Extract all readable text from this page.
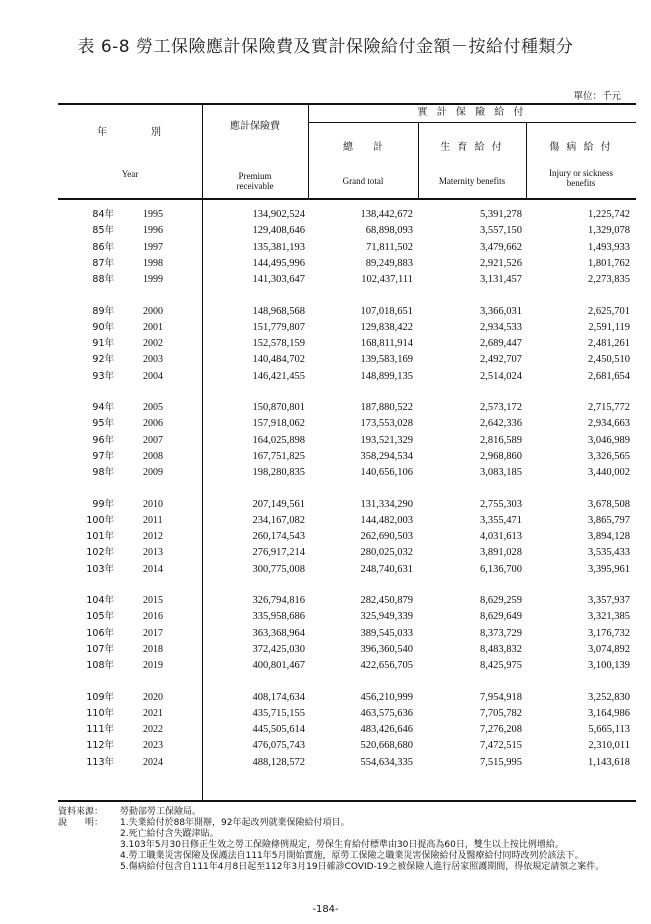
表 6-8 勞工保險應計保險費及實計保險給付金額－按給付種類分
單位：千元
年	別
Year
應計保險費
Premium
receivable
實 計 保 險 給 付
總　　計
Grand total
生 育 給 付
Maternity benefits
傷 病 給 付
Injury or sickness
benefits
84年	1995	134,902,524	138,442,672	5,391,278	1,225,742
85年	1996	129,408,646	68,898,093	3,557,150	1,329,078
86年	1997	135,381,193	71,811,502	3,479,662	1,493,933
87年	1998	144,495,996	89,249,883	2,921,526	1,801,762
88年	1999	141,303,647	102,437,111	3,131,457	2,273,835
89年	2000	148,968,568	107,018,651	3,366,031	2,625,701
90年	2001	151,779,807	129,838,422	2,934,533	2,591,119
91年	2002	152,578,159	168,811,914	2,689,447	2,481,261
92年	2003	140,484,702	139,583,169	2,492,707	2,450,510
93年	2004	146,421,455	148,899,135	2,514,024	2,681,654
94年	2005	150,870,801	187,880,522	2,573,172	2,715,772
95年	2006	157,918,062	173,553,028	2,642,336	2,934,663
96年	2007	164,025,898	193,521,329	2,816,589	3,046,989
97年	2008	167,751,825	358,294,534	2,968,860	3,326,565
98年	2009	198,280,835	140,656,106	3,083,185	3,440,002
99年	2010	207,149,561	131,334,290	2,755,303	3,678,508
100年	2011	234,167,082	144,482,003	3,355,471	3,865,797
101年	2012	260,174,543	262,690,503	4,031,613	3,894,128
102年	2013	276,917,214	280,025,032	3,891,028	3,535,433
103年	2014	300,775,008	248,740,631	6,136,700	3,395,961
104年	2015	326,794,816	282,450,879	8,629,259	3,357,937
105年	2016	335,958,686	325,949,339	8,629,649	3,321,385
106年	2017	363,368,964	389,545,033	8,373,729	3,176,732
107年	2018	372,425,030	396,360,540	8,483,832	3,074,892
108年	2019	400,801,467	422,656,705	8,425,975	3,100,139
109年	2020	408,174,634	456,210,999	7,954,918	3,252,830
110年	2021	435,715,155	463,575,636	7,705,782	3,164,986
111年	2022	445,505,614	483,426,646	7,276,208	5,665,113
112年	2023	476,075,743	520,668,680	7,472,515	2,310,011
113年	2024	488,128,572	554,634,335	7,515,995	1,143,618
資料來源：	勞動部勞工保險局。
說　　明：	1.失業給付於88年開辦，92年起改列就業保險給付項目。
2.死亡給付含失蹤津貼。
3.103年5月30日修正生效之勞工保險條例規定，勞保生育給付標準由30日提高為60日，雙生以上按比例增給。
4.勞工職業災害保險及保護法自111年5月開始實施，原勞工保險之職業災害保險給付及醫療給付同時改列於該法下。
5.傷病給付包含自111年4月8日起至112年3月19日確診COVID-19之被保險人進行居家照護期間，得依規定請領之案件。
-184-
